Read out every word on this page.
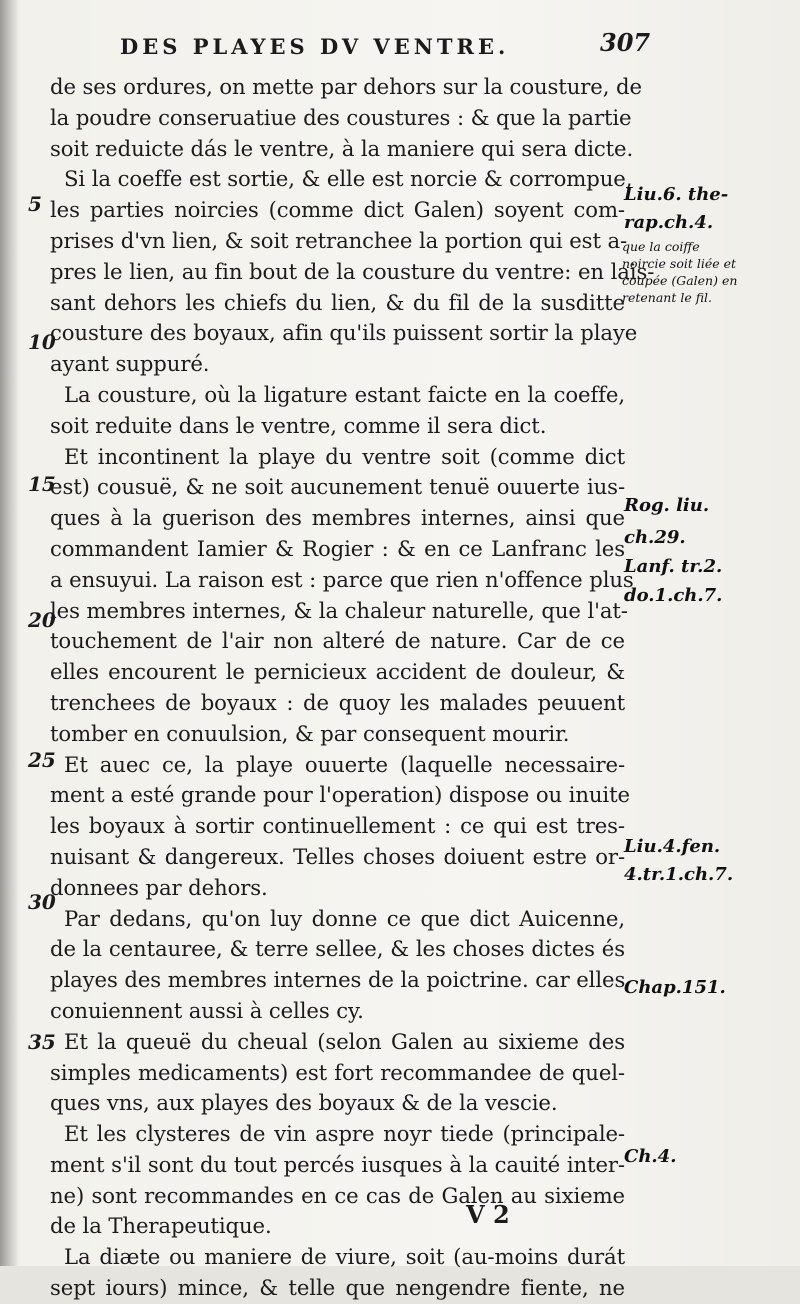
DES PLAYES DV VENTRE.	307
de ses ordures, on mette par dehors sur la cousture, de
la poudre conseruatiue des coustures : & que la partie
soit reduicte dás le ventre, à la maniere qui sera dicte.
Si la coeffe est sortie, & elle est norcie & corrompue,
les parties noircies (comme dict Galen) soyent com-
prises d'vn lien, & soit retranchee la portion qui est a-
pres le lien, au fin bout de la cousture du ventre: en lais-
sant dehors les chiefs du lien, & du fil de la susditte
cousture des boyaux, afin qu'ils puissent sortir la playe
ayant suppuré.
La cousture, où la ligature estant faicte en la coeffe,
soit reduite dans le ventre, comme il sera dict.
Et incontinent la playe du ventre soit (comme dict
est) cousuë, & ne soit aucunement tenuë ouuerte ius-
ques à la guerison des membres internes, ainsi que
commandent Iamier & Rogier : & en ce Lanfranc les
a ensuyui. La raison est : parce que rien n'offence plus
les membres internes, & la chaleur naturelle, que l'at-
touchement de l'air non alteré de nature. Car de ce
elles encourent le pernicieux accident de douleur, &
trenchees de boyaux : de quoy les malades peuuent
tomber en conuulsion, & par consequent mourir.
Et auec ce, la playe ouuerte (laquelle necessaire-
ment a esté grande pour l'operation) dispose ou inuite
les boyaux à sortir continuellement : ce qui est tres-
nuisant & dangereux. Telles choses doiuent estre or-
donnees par dehors.
Par dedans, qu'on luy donne ce que dict Auicenne,
de la centauree, & terre sellee, & les choses dictes és
playes des membres internes de la poictrine. car elles
conuiennent aussi à celles cy.
Et la queuë du cheual (selon Galen au sixieme des
simples medicaments) est fort recommandee de quel-
ques vns, aux playes des boyaux & de la vescie.
Et les clysteres de vin aspre noyr tiede (principale-
ment s'il sont du tout percés iusques à la cauité inter-
ne) sont recommandes en ce cas de Galen au sixieme
de la Therapeutique.
La diæte ou maniere de viure, soit (au-moins durát
sept iours) mince, & telle que nengendre fiente, ne
5
10
15
20
25
30
35
Liu.6. the-
rap.ch.4.
Rog. liu.
ch.29.
Lanf. tr.2.
do.1.ch.7.
Liu.4.fen.
4.tr.1.ch.7.
Chap.151.
Ch.4.
que la coiffe noircie soit liée et coupée (Galen) en retenant le fil.
V 2
